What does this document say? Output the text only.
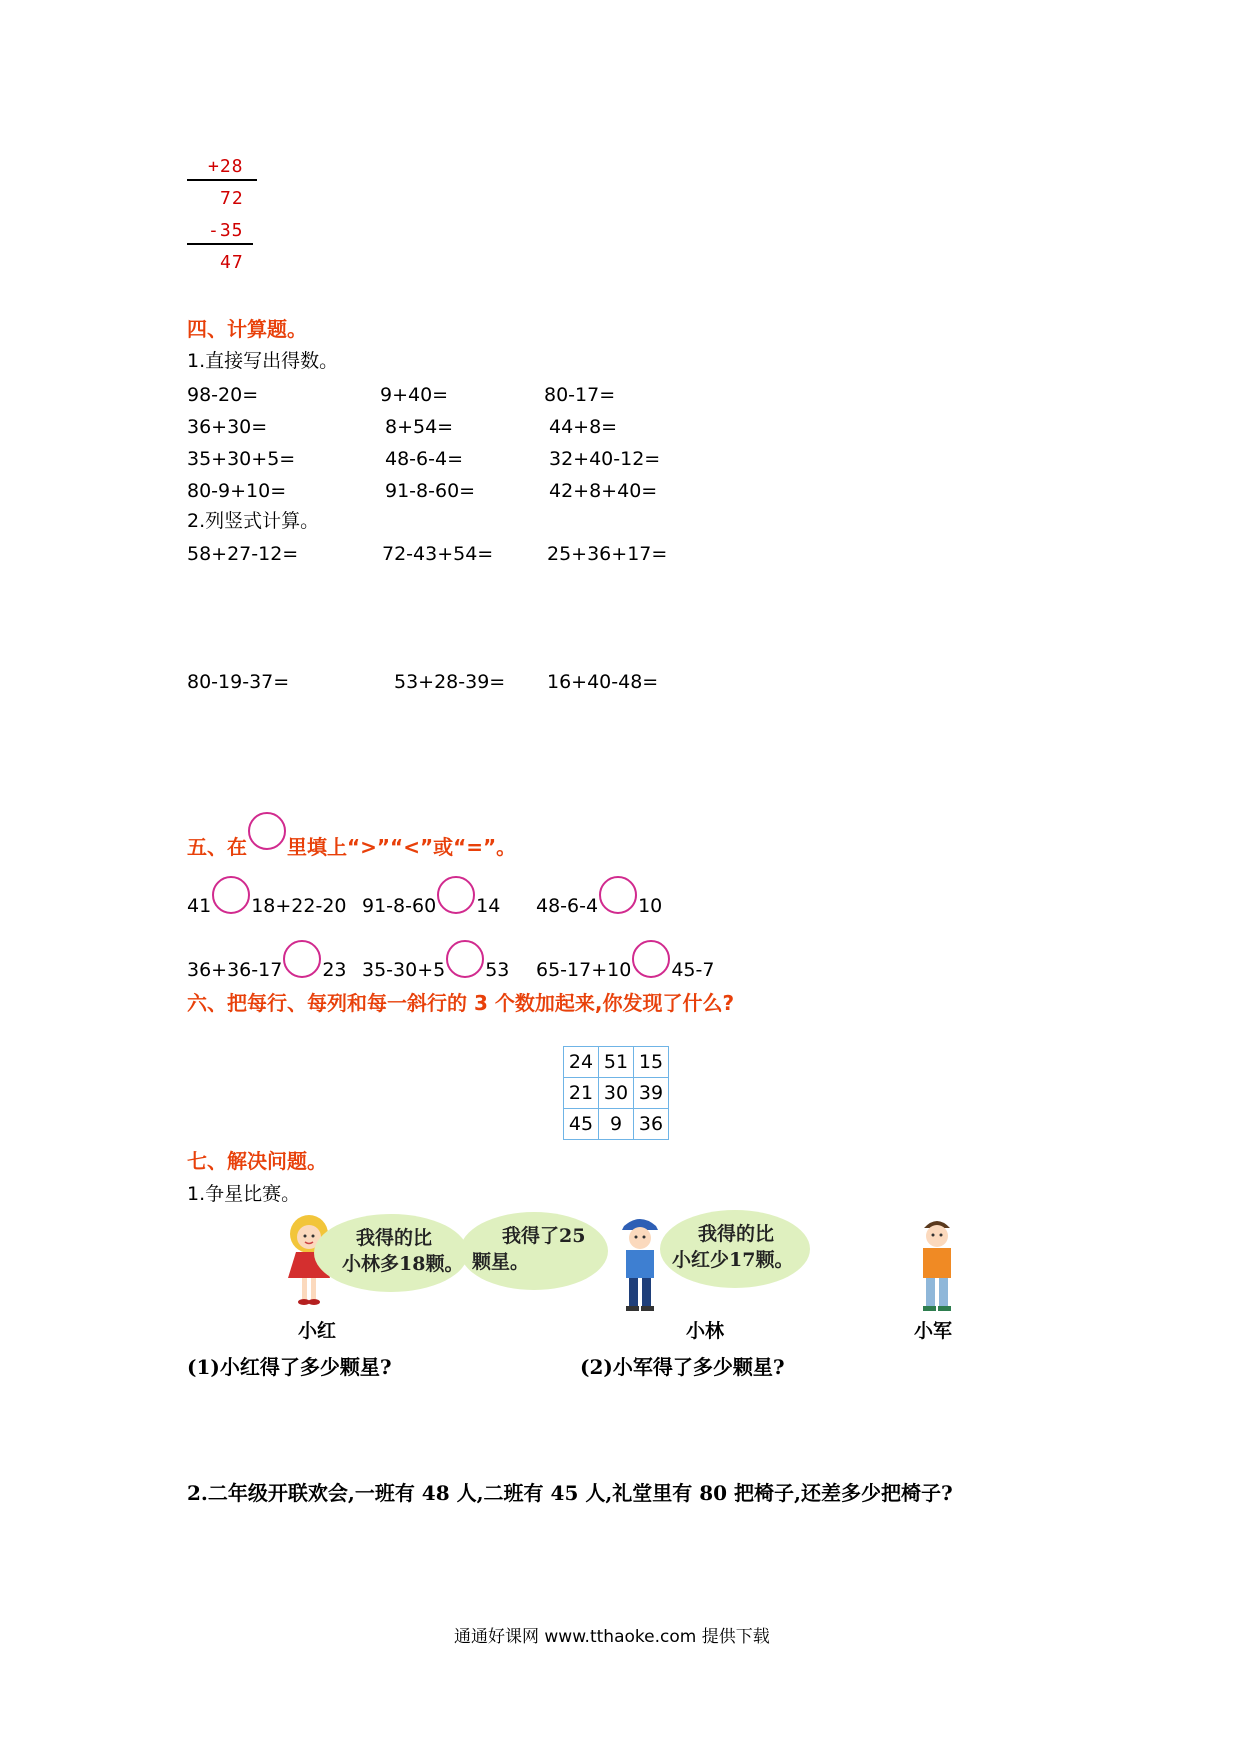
+28
72
-35
47
四、计算题。
1.直接写出得数。
98-20=	9+40=	80-17=
36+30=	8+54=	44+8=
35+30+5=	48-6-4=	32+40-12=
80-9+10=	91-8-60=	42+8+40=
2.列竖式计算。
58+27-12=	72-43+54=	25+36+17=
80-19-37=	53+28-39= 16+40-48=
五、在 里填上“>”“<”或“=”。
41 18+22-20 91-8-60 14 48-6-4 10
36+36-17 23 35-30+5 53 65-17+10 45-7
六、把每行、每列和每一斜行的 3 个数加起来,你发现了什么?
24	51	15
21	30	39
45	9	36
七、解决问题。
1.争星比赛。
我得的比
小林多18颗。
我得了25
颗星。
我得的比
小红少17颗。
小红	小林	小军
(1)小红得了多少颗星?	(2)小军得了多少颗星?
2.二年级开联欢会,一班有 48 人,二班有 45 人,礼堂里有 80 把椅子,还差多少把椅子?
通通好课网 www.tthaoke.com 提供下载
